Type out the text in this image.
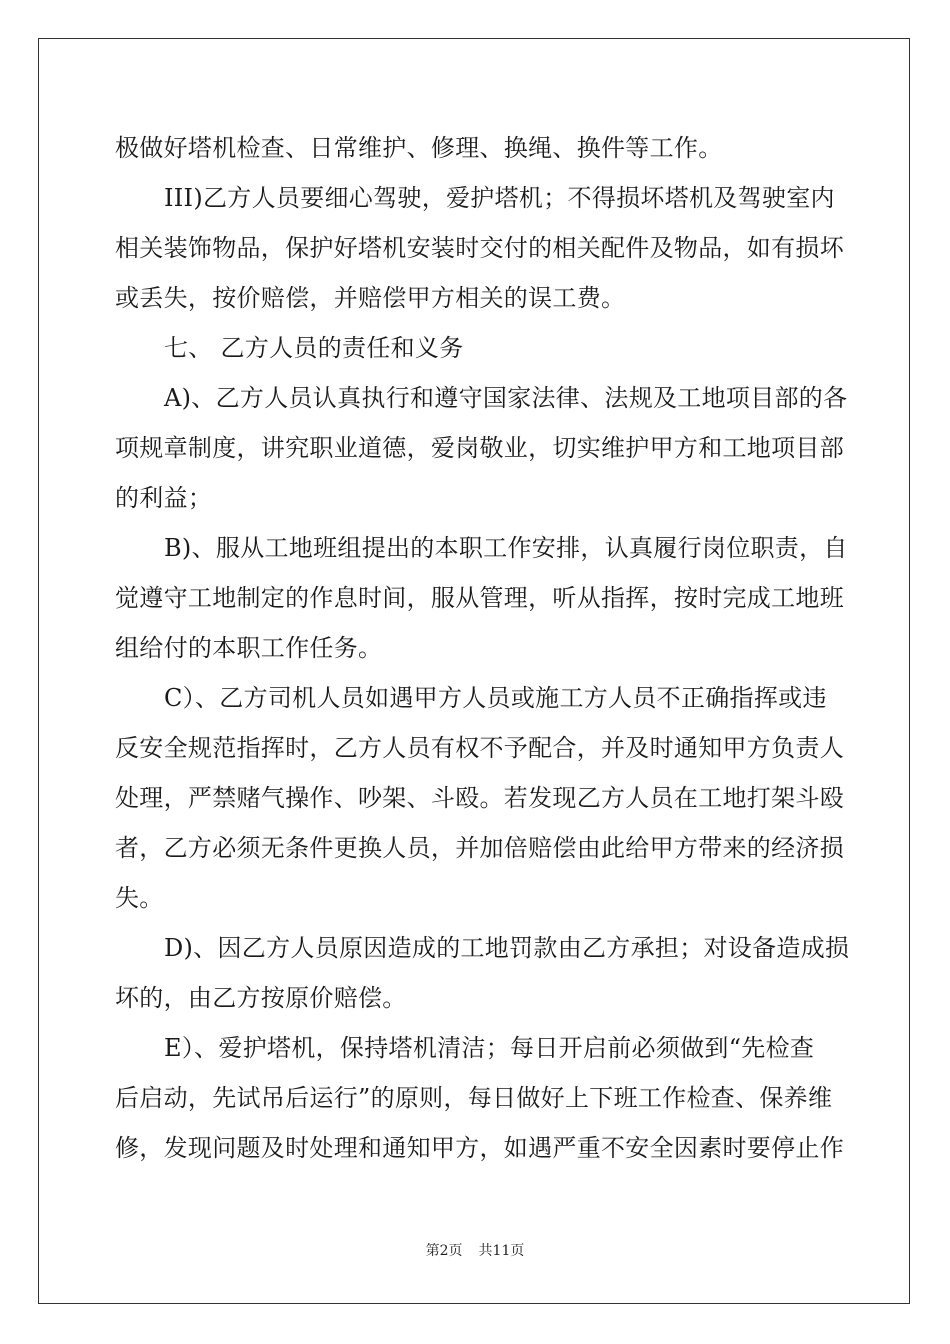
极做好塔机检查、日常维护、修理、换绳、换件等工作。

III)乙方人员要细心驾驶，爱护塔机；不得损坏塔机及驾驶室内

相关装饰物品，保护好塔机安装时交付的相关配件及物品，如有损坏

或丢失，按价赔偿，并赔偿甲方相关的误工费。

七、 乙方人员的责任和义务

A)、乙方人员认真执行和遵守国家法律、法规及工地项目部的各

项规章制度，讲究职业道德，爱岗敬业，切实维护甲方和工地项目部

的利益；

B)、服从工地班组提出的本职工作安排，认真履行岗位职责，自

觉遵守工地制定的作息时间，服从管理，听从指挥，按时完成工地班

组给付的本职工作任务。

C）、乙方司机人员如遇甲方人员或施工方人员不正确指挥或违

反安全规范指挥时，乙方人员有权不予配合，并及时通知甲方负责人

处理，严禁赌气操作、吵架、斗殴。若发现乙方人员在工地打架斗殴

者，乙方必须无条件更换人员，并加倍赔偿由此给甲方带来的经济损

失。

D)、因乙方人员原因造成的工地罚款由乙方承担；对设备造成损

坏的，由乙方按原价赔偿。

E）、爱护塔机，保持塔机清洁；每日开启前必须做到“先检查

后启动，先试吊后运行”的原则，每日做好上下班工作检查、保养维

修，发现问题及时处理和通知甲方，如遇严重不安全因素时要停止作

第2页 共11页
